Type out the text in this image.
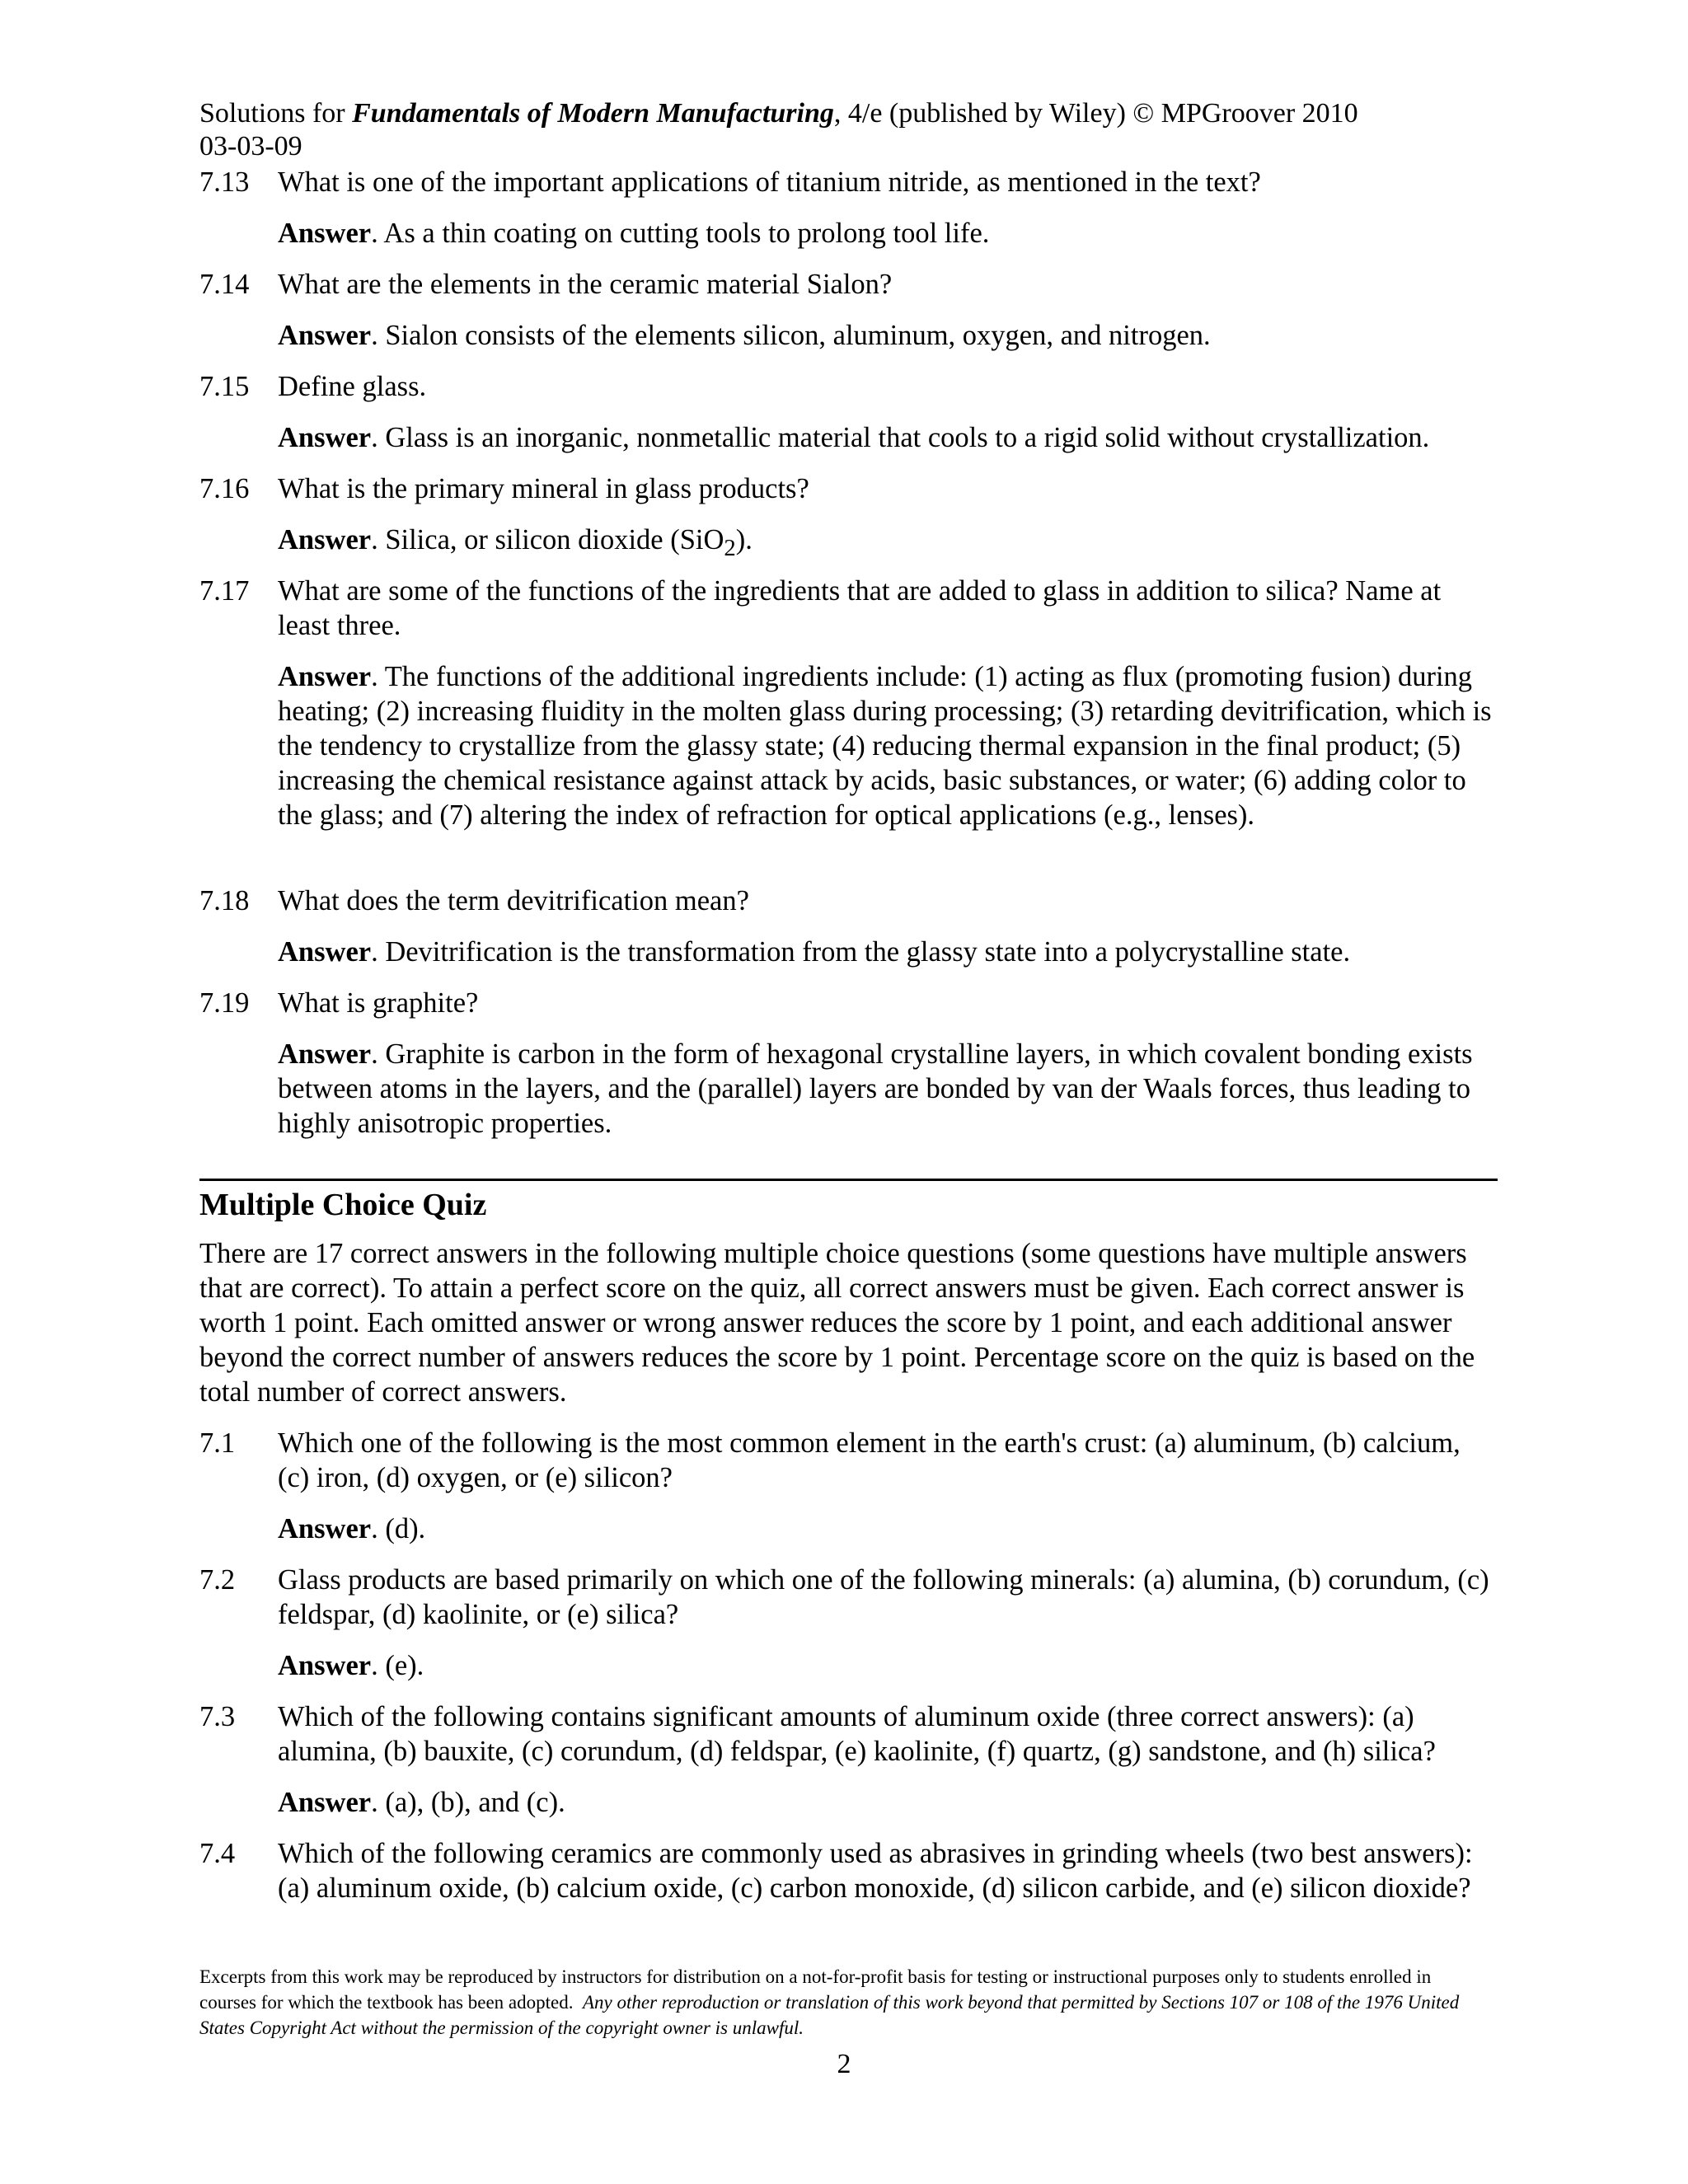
Solutions for Fundamentals of Modern Manufacturing, 4/e (published by Wiley) © MPGroover 2010
03-03-09
7.13 What is one of the important applications of titanium nitride, as mentioned in the text?
Answer. As a thin coating on cutting tools to prolong tool life.
7.14 What are the elements in the ceramic material Sialon?
Answer. Sialon consists of the elements silicon, aluminum, oxygen, and nitrogen.
7.15 Define glass.
Answer. Glass is an inorganic, nonmetallic material that cools to a rigid solid without crystallization.
7.16 What is the primary mineral in glass products?
Answer. Silica, or silicon dioxide (SiO$_2$).
7.17 What are some of the functions of the ingredients that are added to glass in addition to silica? Name at least three.
Answer. The functions of the additional ingredients include: (1) acting as flux (promoting fusion) during heating; (2) increasing fluidity in the molten glass during processing; (3) retarding devitrification, which is the tendency to crystallize from the glassy state; (4) reducing thermal expansion in the final product; (5) increasing the chemical resistance against attack by acids, basic substances, or water; (6) adding color to the glass; and (7) altering the index of refraction for optical applications (e.g., lenses).
7.18 What does the term devitrification mean?
Answer. Devitrification is the transformation from the glassy state into a polycrystalline state.
7.19 What is graphite?
Answer. Graphite is carbon in the form of hexagonal crystalline layers, in which covalent bonding exists between atoms in the layers, and the (parallel) layers are bonded by van der Waals forces, thus leading to highly anisotropic properties.
Multiple Choice Quiz
There are 17 correct answers in the following multiple choice questions (some questions have multiple answers that are correct). To attain a perfect score on the quiz, all correct answers must be given. Each correct answer is worth 1 point. Each omitted answer or wrong answer reduces the score by 1 point, and each additional answer beyond the correct number of answers reduces the score by 1 point. Percentage score on the quiz is based on the total number of correct answers.
7.1 Which one of the following is the most common element in the earth's crust: (a) aluminum, (b) calcium, (c) iron, (d) oxygen, or (e) silicon?
Answer. (d).
7.2 Glass products are based primarily on which one of the following minerals: (a) alumina, (b) corundum, (c) feldspar, (d) kaolinite, or (e) silica?
Answer. (e).
7.3 Which of the following contains significant amounts of aluminum oxide (three correct answers): (a) alumina, (b) bauxite, (c) corundum, (d) feldspar, (e) kaolinite, (f) quartz, (g) sandstone, and (h) silica?
Answer. (a), (b), and (c).
7.4 Which of the following ceramics are commonly used as abrasives in grinding wheels (two best answers): (a) aluminum oxide, (b) calcium oxide, (c) carbon monoxide, (d) silicon carbide, and (e) silicon dioxide?
Excerpts from this work may be reproduced by instructors for distribution on a not-for-profit basis for testing or instructional purposes only to students enrolled in courses for which the textbook has been adopted. Any other reproduction or translation of this work beyond that permitted by Sections 107 or 108 of the 1976 United States Copyright Act without the permission of the copyright owner is unlawful.
2
